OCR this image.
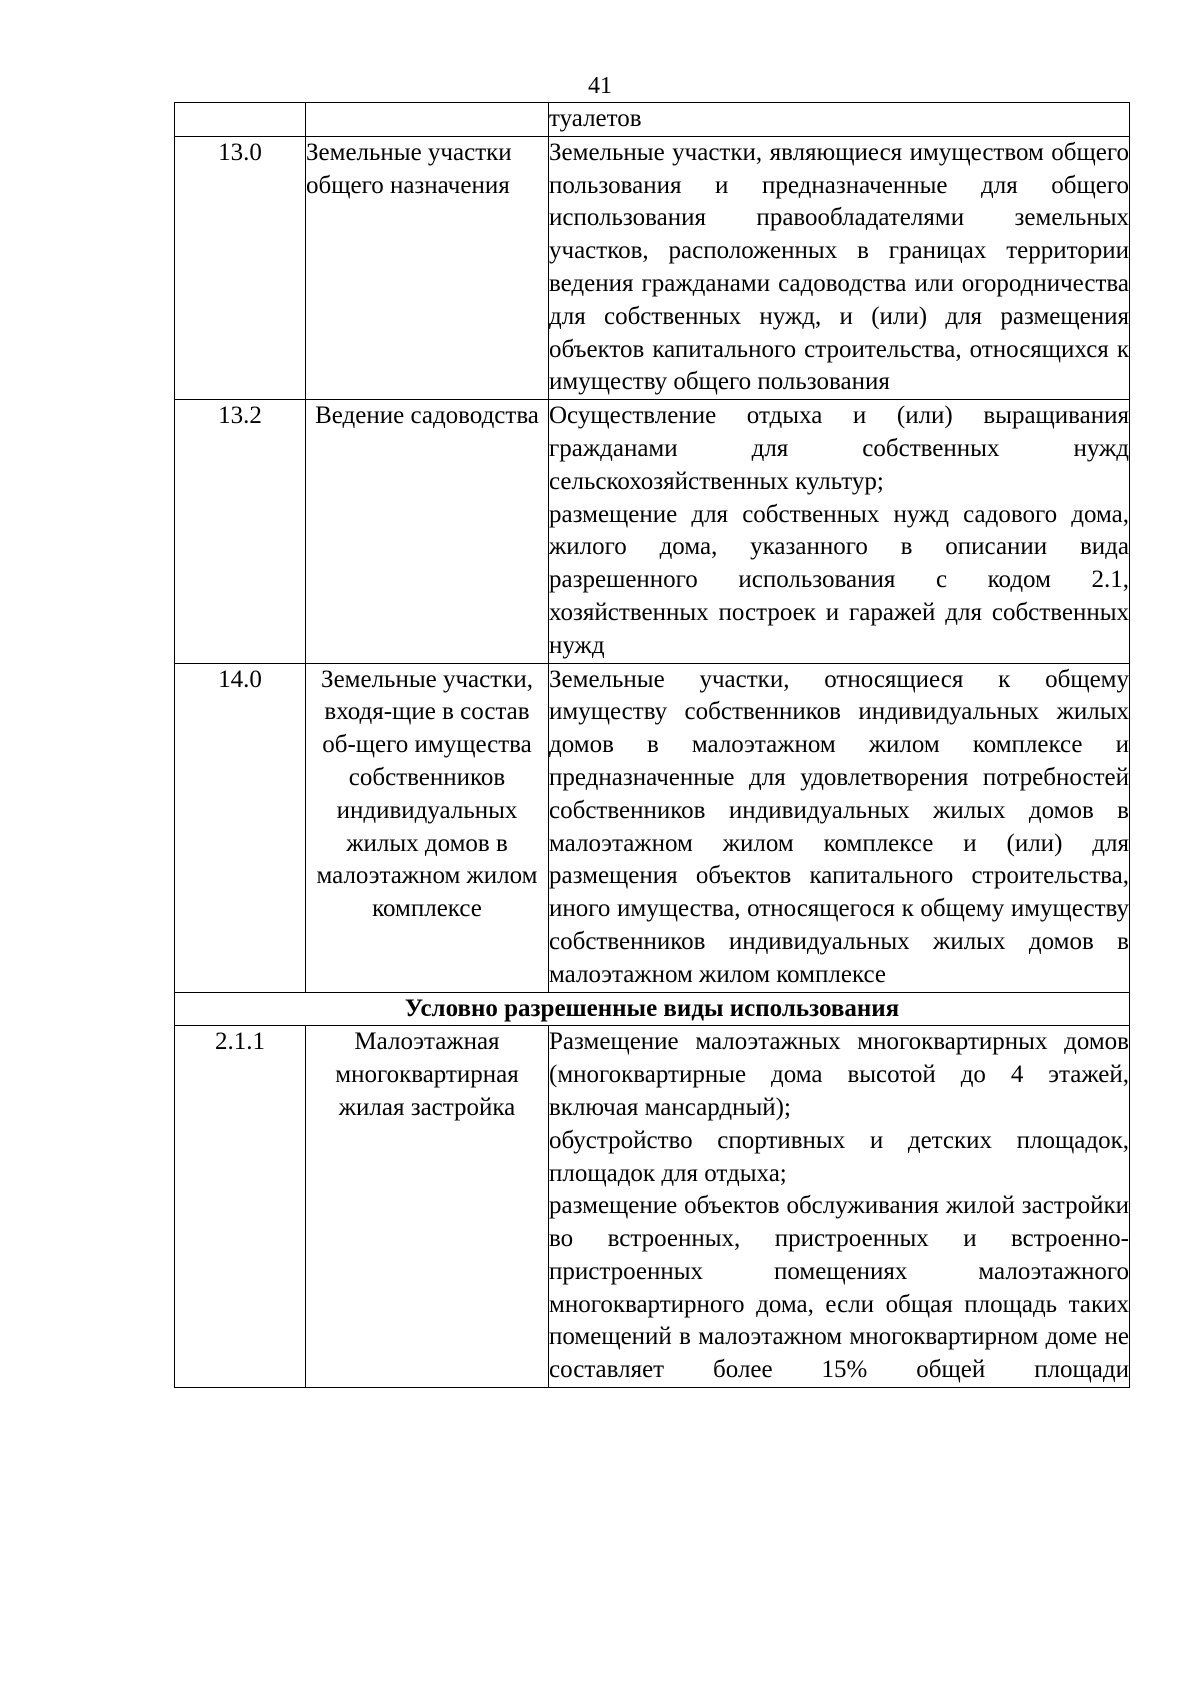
41

		туалетов

13.0	Земельные участки общего назначения	Земельные участки, являющиеся имуществом общего пользования и предназначенные для общего использования правообладателями земельных участков, расположенных в границах территории ведения гражданами садоводства или огородничества для собственных нужд, и (или) для размещения объектов капитального строительства, относящихся к имуществу общего пользования

13.2	Ведение садоводства	Осуществление отдыха и (или) выращивания гражданами для собственных нужд сельскохозяйственных культур;

размещение для собственных нужд садового дома, жилого дома, указанного в описании вида разрешенного использования с кодом 2.1, хозяйственных построек и гаражей для собственных нужд

14.0	Земельные участки, входя-щие в состав об-щего имущества собственников индивидуальных жилых домов в малоэтажном жилом комплексе	Земельные участки, относящиеся к общему имуществу собственников индивидуальных жилых домов в малоэтажном жилом комплексе и предназначенные для удовлетворения потребностей собственников индивидуальных жилых домов в малоэтажном жилом комплексе и (или) для размещения объектов капитального строительства, иного имущества, относящегося к общему имуществу собственников индивидуальных жилых домов в малоэтажном жилом комплексе

Условно разрешенные виды использования		
2.1.1	Малоэтажная многоквартирная жилая застройка	Размещение малоэтажных многоквартирных домов (многоквартирные дома высотой до 4 этажей, включая мансардный);

обустройство спортивных и детских площадок, площадок для отдыха;

размещение объектов обслуживания жилой застройки во встроенных, пристроенных и встроенно-пристроенных помещениях малоэтажного многоквартирного дома, если общая площадь таких помещений в малоэтажном многоквартирном доме не составляет более 15% общей площади
